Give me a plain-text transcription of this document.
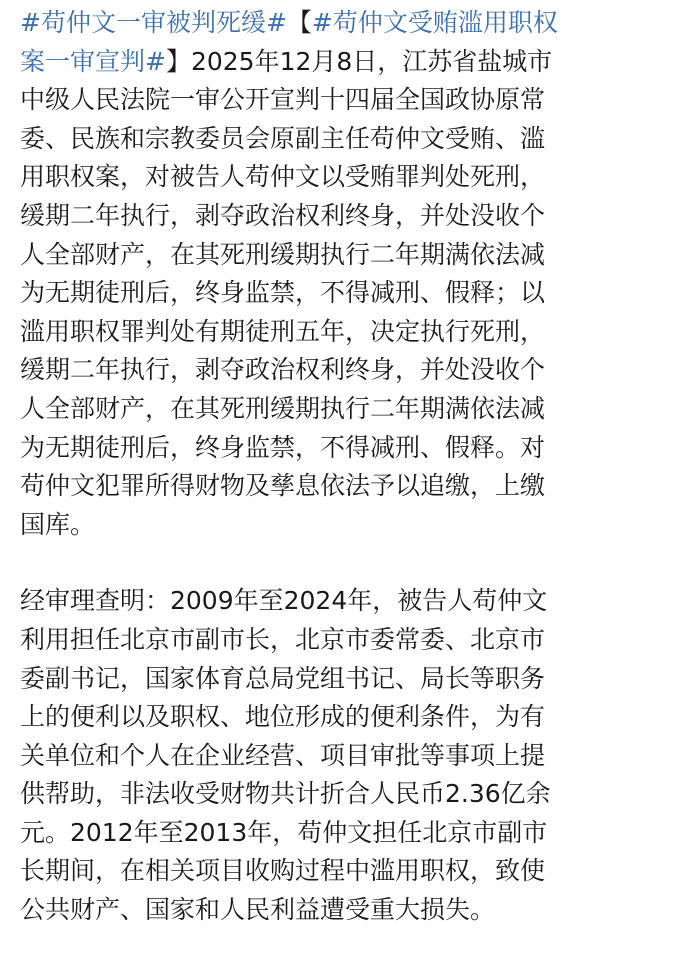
#苟仲文一审被判死缓#【#苟仲文受贿滥用职权
案一审宣判#】2025年12月8日，江苏省盐城市
中级人民法院一审公开宣判十四届全国政协原常
委、民族和宗教委员会原副主任苟仲文受贿、滥
用职权案，对被告人苟仲文以受贿罪判处死刑，
缓期二年执行，剥夺政治权利终身，并处没收个
人全部财产，在其死刑缓期执行二年期满依法减
为无期徒刑后，终身监禁，不得减刑、假释；以
滥用职权罪判处有期徒刑五年，决定执行死刑，
缓期二年执行，剥夺政治权利终身，并处没收个
人全部财产，在其死刑缓期执行二年期满依法减
为无期徒刑后，终身监禁，不得减刑、假释。对
苟仲文犯罪所得财物及孳息依法予以追缴，上缴
国库。

经审理查明：2009年至2024年，被告人苟仲文
利用担任北京市副市长，北京市委常委、北京市
委副书记，国家体育总局党组书记、局长等职务
上的便利以及职权、地位形成的便利条件，为有
关单位和个人在企业经营、项目审批等事项上提
供帮助，非法收受财物共计折合人民币2.36亿余
元。2012年至2013年，苟仲文担任北京市副市
长期间，在相关项目收购过程中滥用职权，致使
公共财产、国家和人民利益遭受重大损失。
